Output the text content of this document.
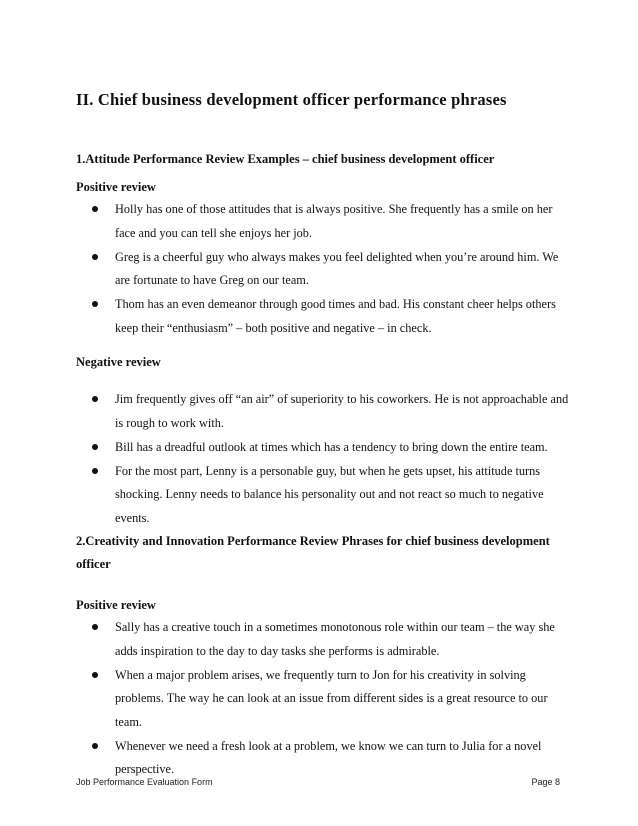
II. Chief business development officer performance phrases

1.Attitude Performance Review Examples – chief business development officer

Positive review

Holly has one of those attitudes that is always positive. She frequently has a smile on her face and you can tell she enjoys her job.
Greg is a cheerful guy who always makes you feel delighted when you’re around him. We are fortunate to have Greg on our team.
Thom has an even demeanor through good times and bad. His constant cheer helps others keep their “enthusiasm” – both positive and negative – in check.

Negative review

Jim frequently gives off “an air” of superiority to his coworkers. He is not approachable and is rough to work with.
Bill has a dreadful outlook at times which has a tendency to bring down the entire team.
For the most part, Lenny is a personable guy, but when he gets upset, his attitude turns shocking. Lenny needs to balance his personality out and not react so much to negative events.

2.Creativity and Innovation Performance Review Phrases for chief business development officer

Positive review

Sally has a creative touch in a sometimes monotonous role within our team – the way she adds inspiration to the day to day tasks she performs is admirable.
When a major problem arises, we frequently turn to Jon for his creativity in solving problems. The way he can look at an issue from different sides is a great resource to our team.
Whenever we need a fresh look at a problem, we know we can turn to Julia for a novel perspective.
Job Performance Evaluation Form	Page 8
